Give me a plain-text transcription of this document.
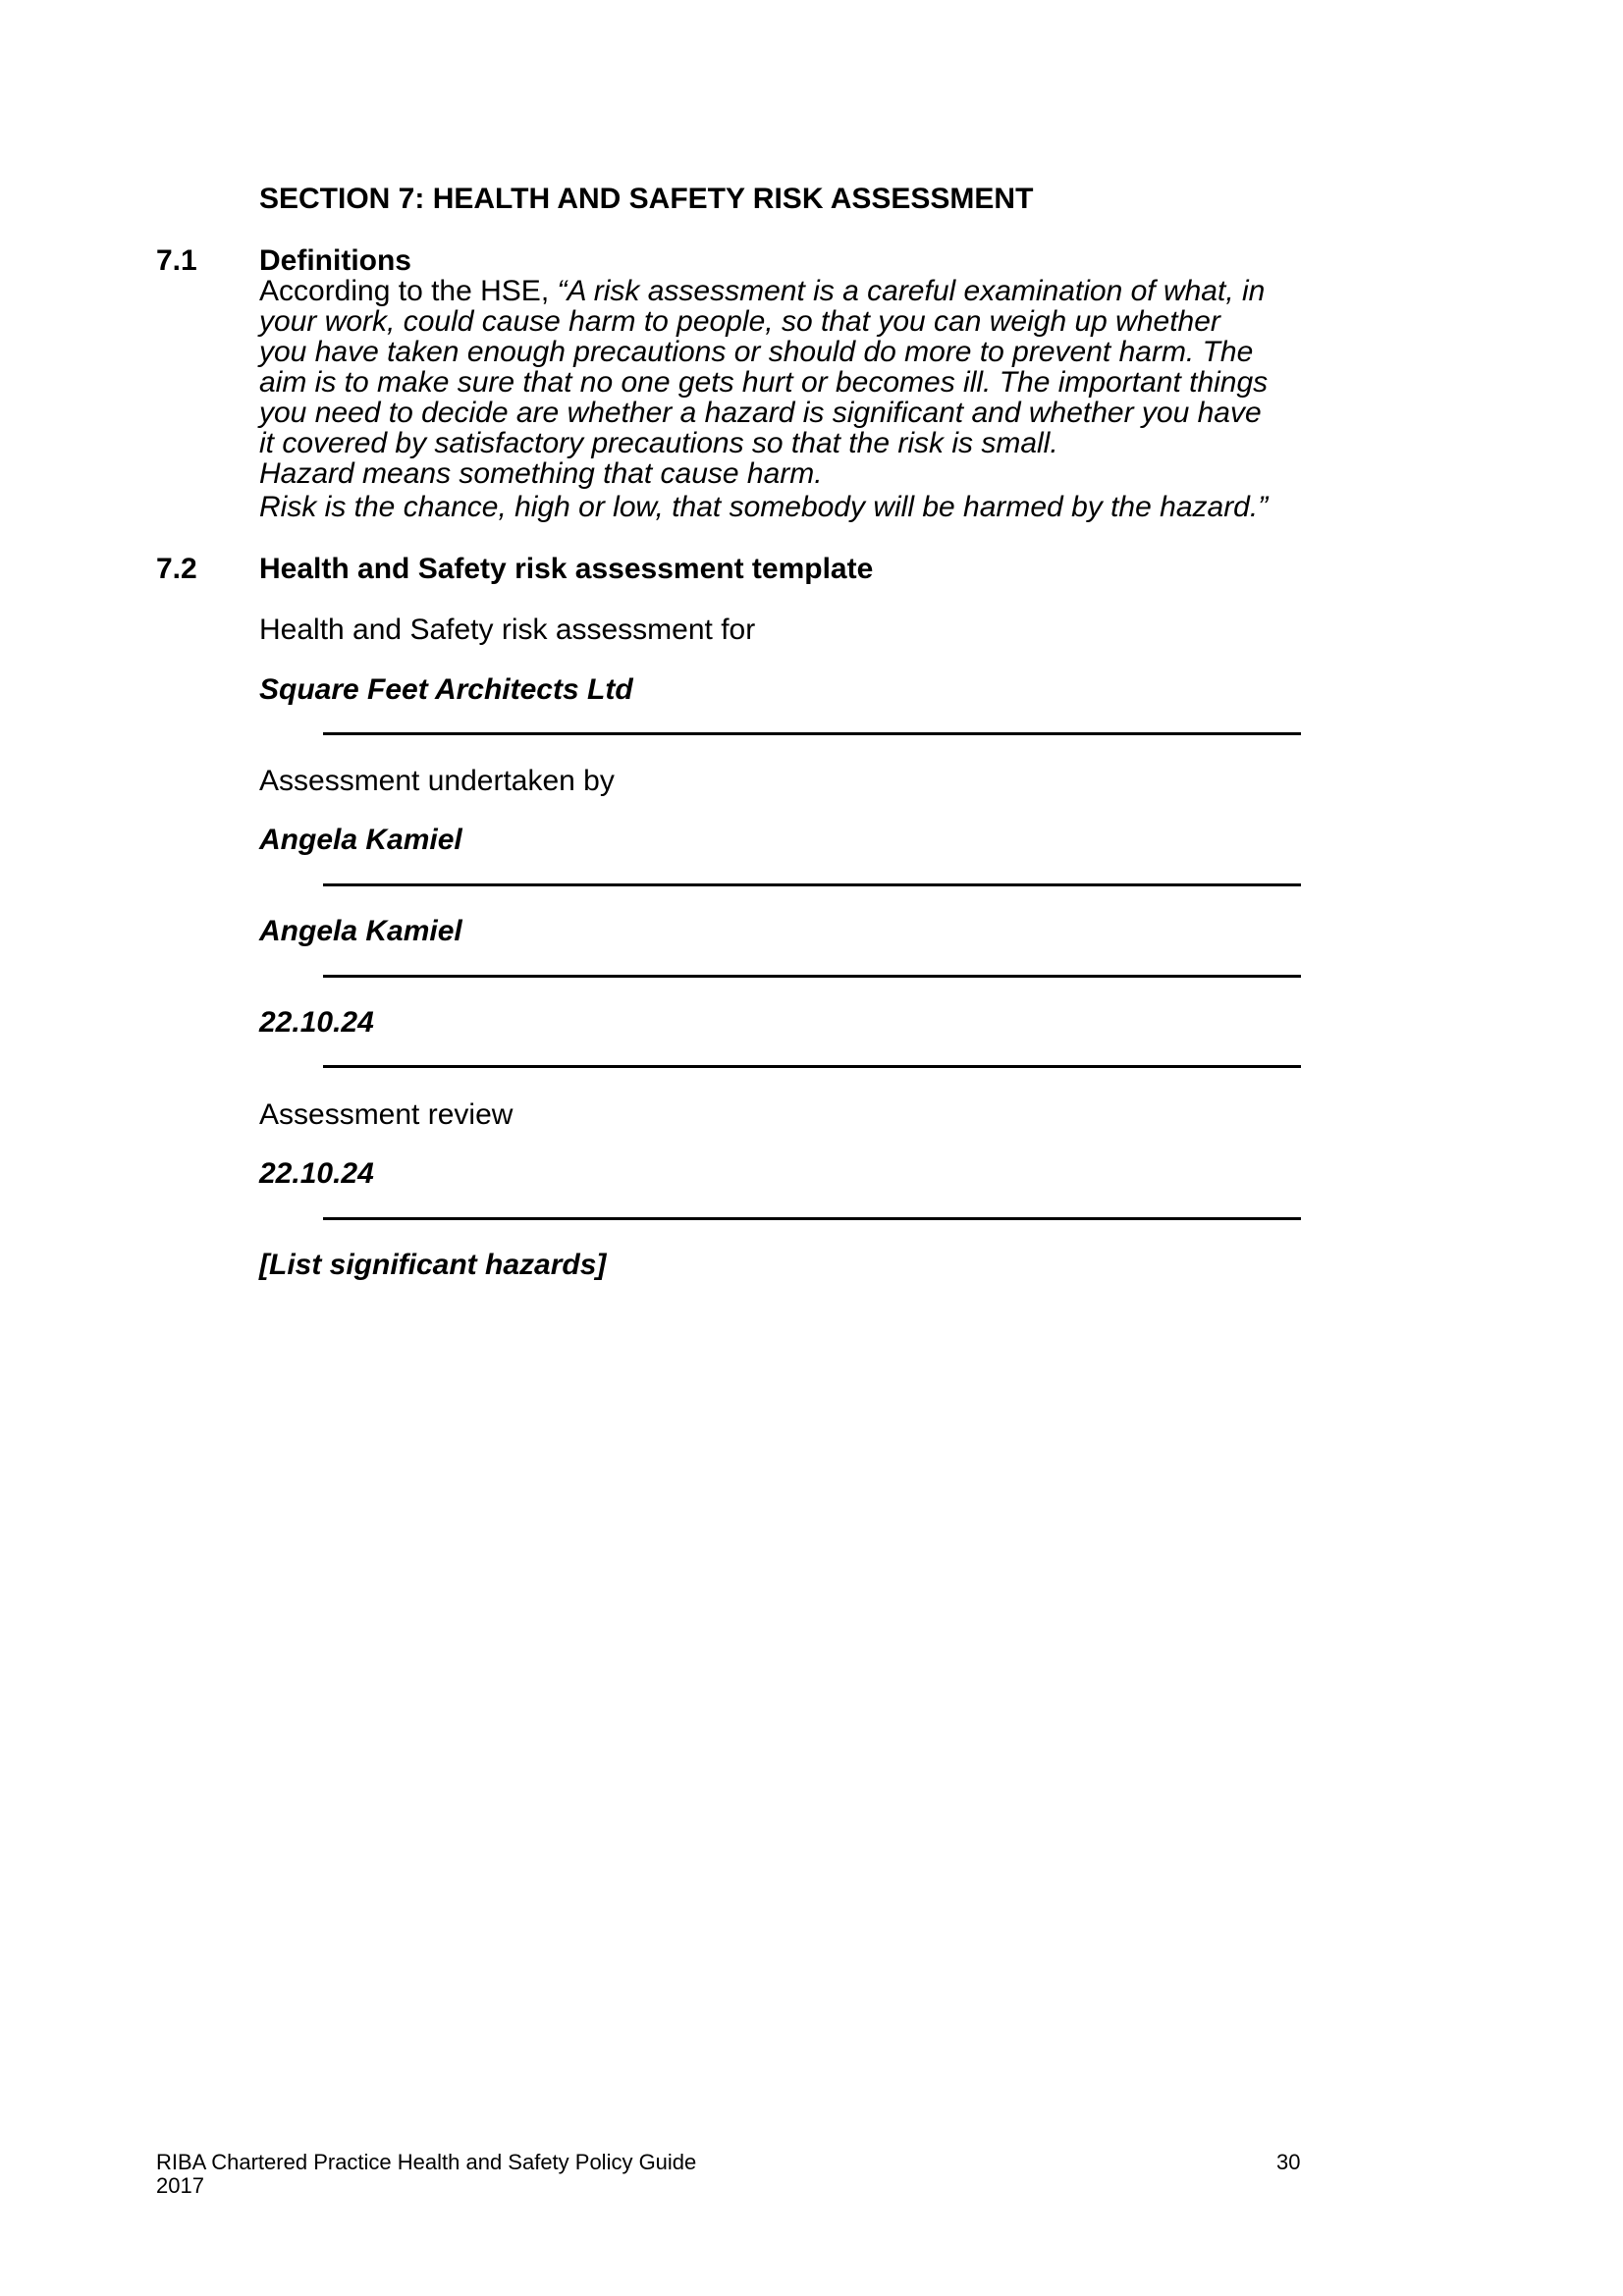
SECTION 7: HEALTH AND SAFETY RISK ASSESSMENT
7.1 Definitions
According to the HSE, “A risk assessment is a careful examination of what, in
your work, could cause harm to people, so that you can weigh up whether
you have taken enough precautions or should do more to prevent harm. The
aim is to make sure that no one gets hurt or becomes ill. The important things
you need to decide are whether a hazard is significant and whether you have
it covered by satisfactory precautions so that the risk is small.
Hazard means something that cause harm.
Risk is the chance, high or low, that somebody will be harmed by the hazard.”
7.2 Health and Safety risk assessment template
Health and Safety risk assessment for
Square Feet Architects Ltd
Assessment undertaken by
Angela Kamiel
Angela Kamiel
22.10.24
Assessment review
22.10.24
[List significant hazards]
RIBA Chartered Practice Health and Safety Policy Guide
2017
30
